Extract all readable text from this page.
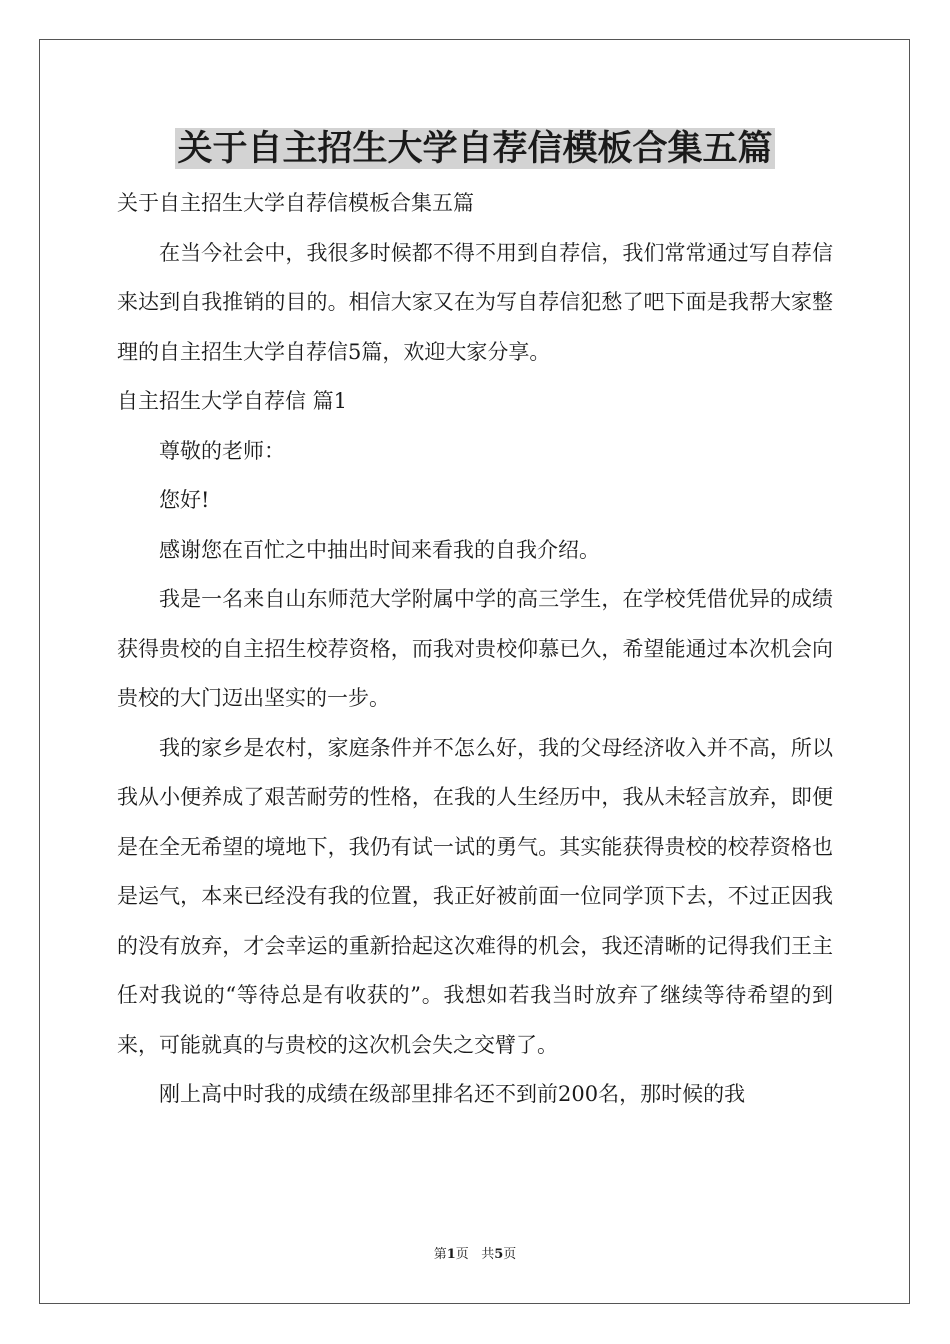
关于自主招生大学自荐信模板合集五篇

关于自主招生大学自荐信模板合集五篇

在当今社会中，我很多时候都不得不用到自荐信，我们常常通过写自荐信来达到自我推销的目的。相信大家又在为写自荐信犯愁了吧下面是我帮大家整理的自主招生大学自荐信5篇，欢迎大家分享。

自主招生大学自荐信 篇1

尊敬的老师：

您好!

感谢您在百忙之中抽出时间来看我的自我介绍。

我是一名来自山东师范大学附属中学的高三学生，在学校凭借优异的成绩获得贵校的自主招生校荐资格，而我对贵校仰慕已久，希望能通过本次机会向贵校的大门迈出坚实的一步。

我的家乡是农村，家庭条件并不怎么好，我的父母经济收入并不高，所以我从小便养成了艰苦耐劳的性格，在我的人生经历中，我从未轻言放弃，即便是在全无希望的境地下，我仍有试一试的勇气。其实能获得贵校的校荐资格也是运气，本来已经没有我的位置，我正好被前面一位同学顶下去，不过正因我的没有放弃，才会幸运的重新拾起这次难得的机会，我还清晰的记得我们王主任对我说的“等待总是有收获的”。我想如若我当时放弃了继续等待希望的到来，可能就真的与贵校的这次机会失之交臂了。

刚上高中时我的成绩在级部里排名还不到前200名，那时候的我

第1页 共5页
